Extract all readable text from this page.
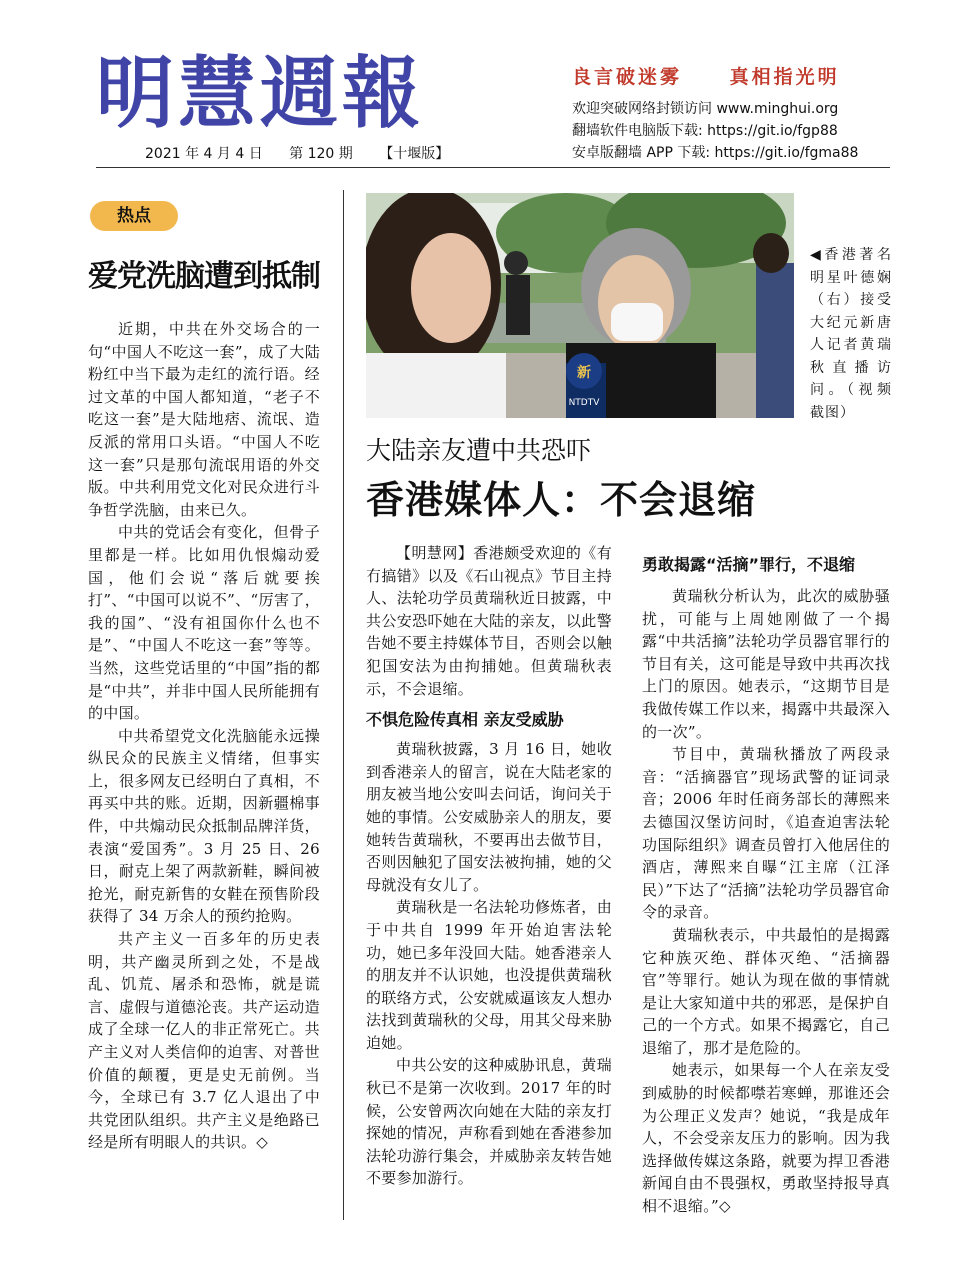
明慧週報
2021 年 4 月 4 日 第 120 期 【十堰版】
良言破迷雾	真相指光明
欢迎突破网络封锁访问 www.minghui.org
翻墙软件电脑版下载: https://git.io/fgp88
安卓版翻墙 APP 下载: https://git.io/fgma88
热点
爱党洗脑遭到抵制

近期，中共在外交场合的一句“中国人不吃这一套”，成了大陆粉红中当下最为走红的流行语。经过文革的中国人都知道，“老子不吃这一套”是大陆地痞、流氓、造反派的常用口头语。“中国人不吃这一套”只是那句流氓用语的外交版。中共利用党文化对民众进行斗争哲学洗脑，由来已久。

中共的党话会有变化，但骨子里都是一样。比如用仇恨煽动爱国，他们会说“落后就要挨打”、“中国可以说不”、“厉害了，我的国”、“没有祖国你什么也不是”、“中国人不吃这一套”等等。当然，这些党话里的“中国”指的都是“中共”，并非中国人民所能拥有的中国。

中共希望党文化洗脑能永远操纵民众的民族主义情绪，但事实上，很多网友已经明白了真相，不再买中共的账。近期，因新疆棉事件，中共煽动民众抵制品牌洋货，表演“爱国秀”。3 月 25 日、26 日，耐克上架了两款新鞋，瞬间被抢光，耐克新售的女鞋在预售阶段获得了 34 万余人的预约抢购。

共产主义一百多年的历史表明，共产幽灵所到之处，不是战乱、饥荒、屠杀和恐怖，就是谎言、虚假与道德沦丧。共产运动造成了全球一亿人的非正常死亡。共产主义对人类信仰的迫害、对普世价值的颠覆，更是史无前例。当今，全球已有 3.7 亿人退出了中共党团队组织。共产主义是绝路已经是所有明眼人的共识。◇

新
NTDTV
◀香港著名明星叶德娴（右）接受大纪元新唐人记者黄瑞秋直播访问。（视频截图）
大陆亲友遭中共恐吓
香港媒体人：不会退缩

【明慧网】香港颇受欢迎的《有冇搞错》以及《石山视点》节目主持人、法轮功学员黄瑞秋近日披露，中共公安恐吓她在大陆的亲友，以此警告她不要主持媒体节目，否则会以触犯国安法为由拘捕她。但黄瑞秋表示，不会退缩。

不惧危险传真相 亲友受威胁

黄瑞秋披露，3 月 16 日，她收到香港亲人的留言，说在大陆老家的朋友被当地公安叫去问话，询问关于她的事情。公安威胁亲人的朋友，要她转告黄瑞秋，不要再出去做节目，否则因触犯了国安法被拘捕，她的父母就没有女儿了。

黄瑞秋是一名法轮功修炼者，由于中共自 1999 年开始迫害法轮功，她已多年没回大陆。她香港亲人的朋友并不认识她，也没提供黄瑞秋的联络方式，公安就威逼该友人想办法找到黄瑞秋的父母，用其父母来胁迫她。

中共公安的这种威胁讯息，黄瑞秋已不是第一次收到。2017 年的时候，公安曾两次向她在大陆的亲友打探她的情况，声称看到她在香港参加法轮功游行集会，并威胁亲友转告她不要参加游行。

勇敢揭露“活摘”罪行，不退缩

黄瑞秋分析认为，此次的威胁骚扰，可能与上周她刚做了一个揭露“中共活摘”法轮功学员器官罪行的节目有关，这可能是导致中共再次找上门的原因。她表示，“这期节目是我做传媒工作以来，揭露中共最深入的一次”。

节目中，黄瑞秋播放了两段录音：“活摘器官”现场武警的证词录音；2006 年时任商务部长的薄熙来去德国汉堡访问时，《追查迫害法轮功国际组织》调查员曾打入他居住的酒店，薄熙来自曝“江主席（江泽民）”下达了“活摘”法轮功学员器官命令的录音。

黄瑞秋表示，中共最怕的是揭露它种族灭绝、群体灭绝、“活摘器官”等罪行。她认为现在做的事情就是让大家知道中共的邪恶，是保护自己的一个方式。如果不揭露它，自己退缩了，那才是危险的。

她表示，如果每一个人在亲友受到威胁的时候都噤若寒蝉，那谁还会为公理正义发声？她说，“我是成年人，不会受亲友压力的影响。因为我选择做传媒这条路，就要为捍卫香港新闻自由不畏强权，勇敢坚持报导真相不退缩。”◇
